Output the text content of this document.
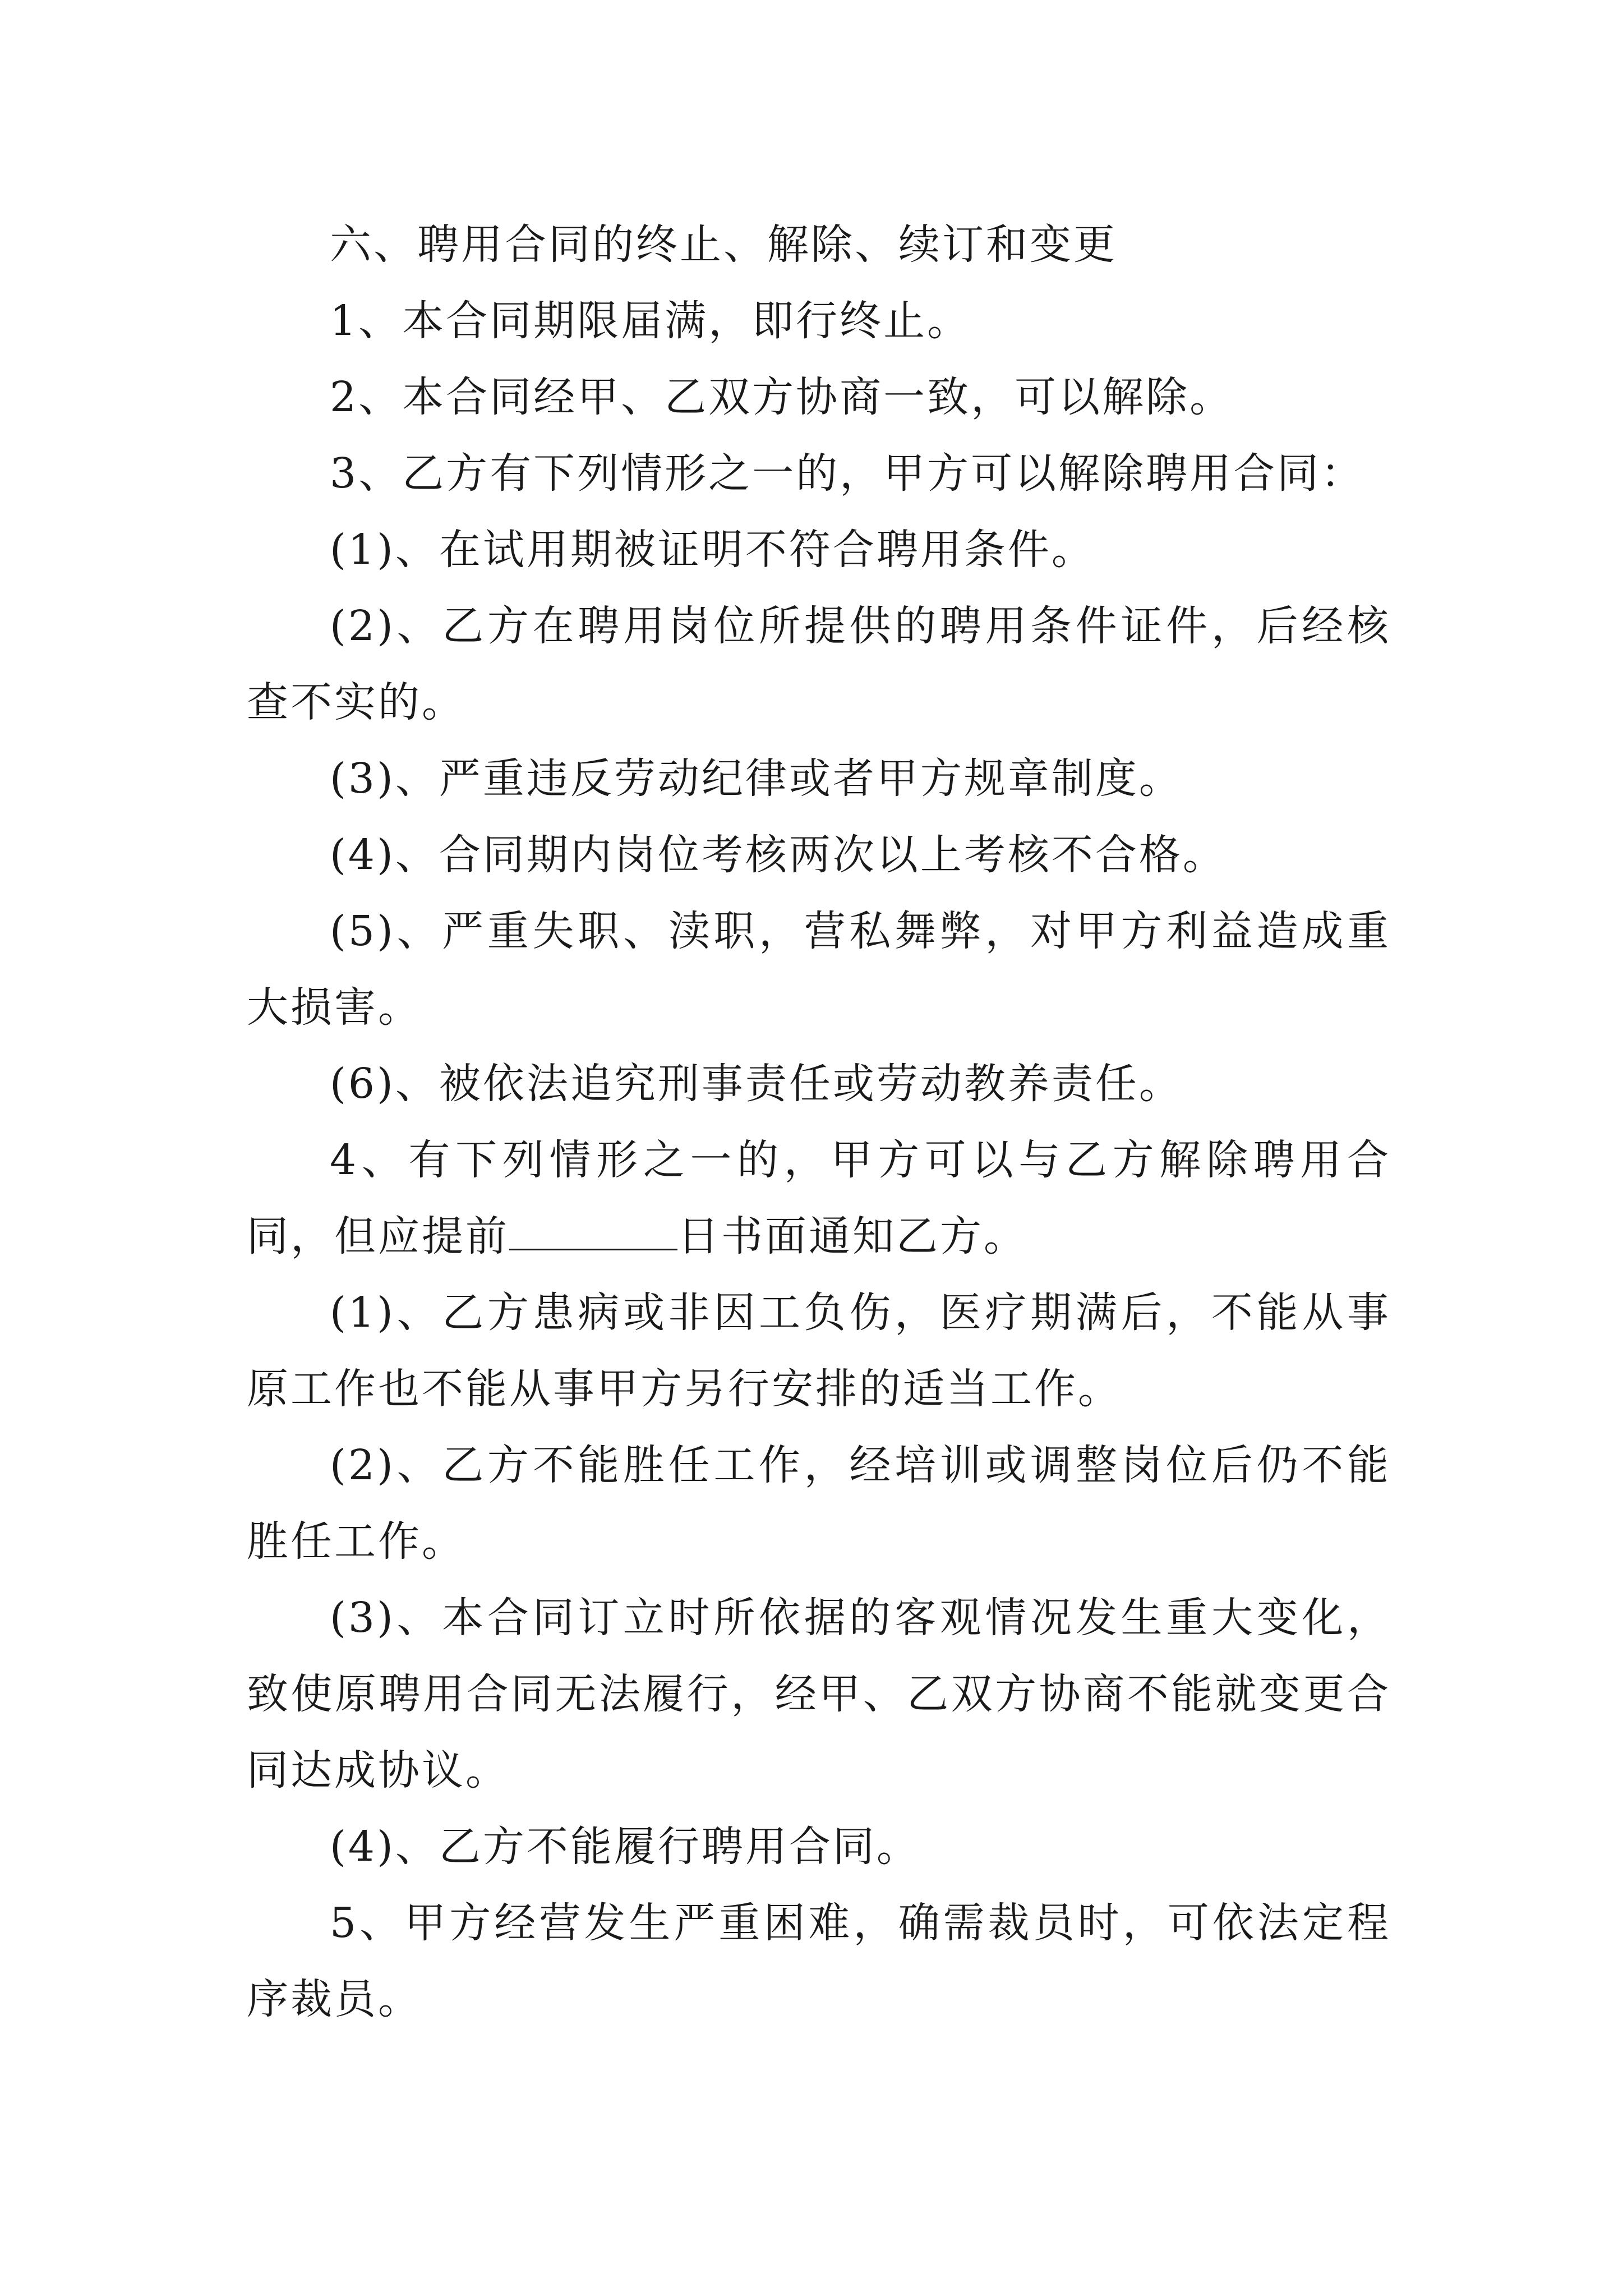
六、聘用合同的终止、解除、续订和变更

1、本合同期限届满，即行终止。

2、本合同经甲、乙双方协商一致，可以解除。

3、乙方有下列情形之一的，甲方可以解除聘用合同：

(1)、在试用期被证明不符合聘用条件。

(2)、乙方在聘用岗位所提供的聘用条件证件，后经核查不实的。

(3)、严重违反劳动纪律或者甲方规章制度。

(4)、合同期内岗位考核两次以上考核不合格。

(5)、严重失职、渎职，营私舞弊，对甲方利益造成重大损害。

(6)、被依法追究刑事责任或劳动教养责任。

4、有下列情形之一的，甲方可以与乙方解除聘用合同，但应提前	日书面通知乙方。

(1)、乙方患病或非因工负伤，医疗期满后，不能从事原工作也不能从事甲方另行安排的适当工作。

(2)、乙方不能胜任工作，经培训或调整岗位后仍不能胜任工作。

(3)、本合同订立时所依据的客观情况发生重大变化，致使原聘用合同无法履行，经甲、乙双方协商不能就变更合同达成协议。

(4)、乙方不能履行聘用合同。

5、甲方经营发生严重困难，确需裁员时，可依法定程序裁员。
